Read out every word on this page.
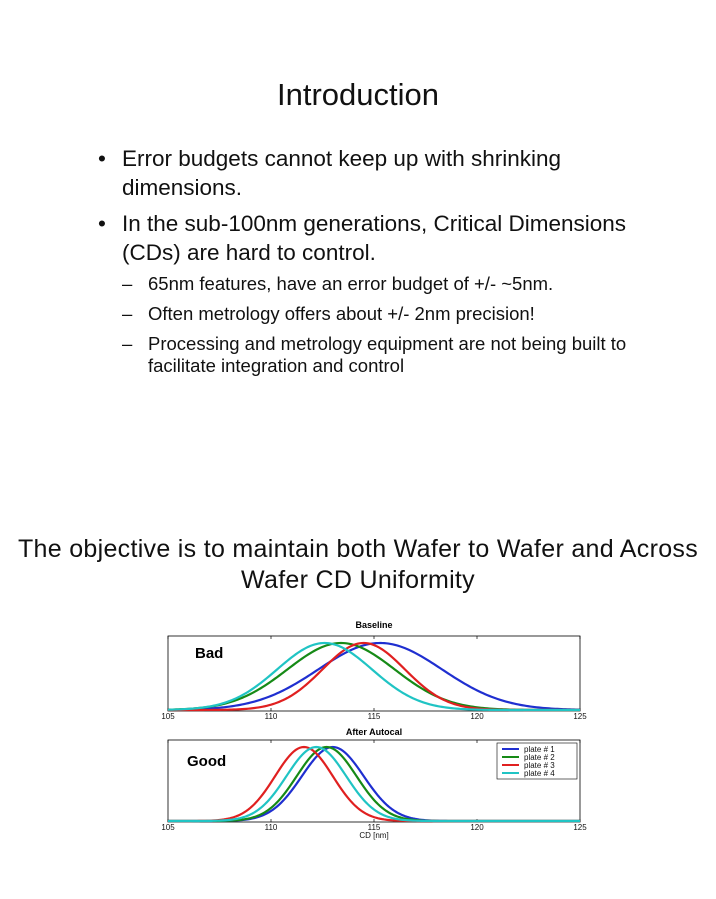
Introduction
• Error budgets cannot keep up with shrinking dimensions.
• In the sub-100nm generations, Critical Dimensions (CDs) are hard to control.
– 65nm features, have an error budget of +/- ~5nm.
– Often metrology offers about +/- 2nm precision!
– Processing and metrology equipment are not being built to facilitate integration and control
The objective is to maintain both Wafer to Wafer and Across Wafer CD Uniformity
Baseline
Bad
105	110	115	120	125
After Autocal
Good
105	110	115	120	125
CD [nm]
plate # 1
plate # 2
plate # 3
plate # 4
